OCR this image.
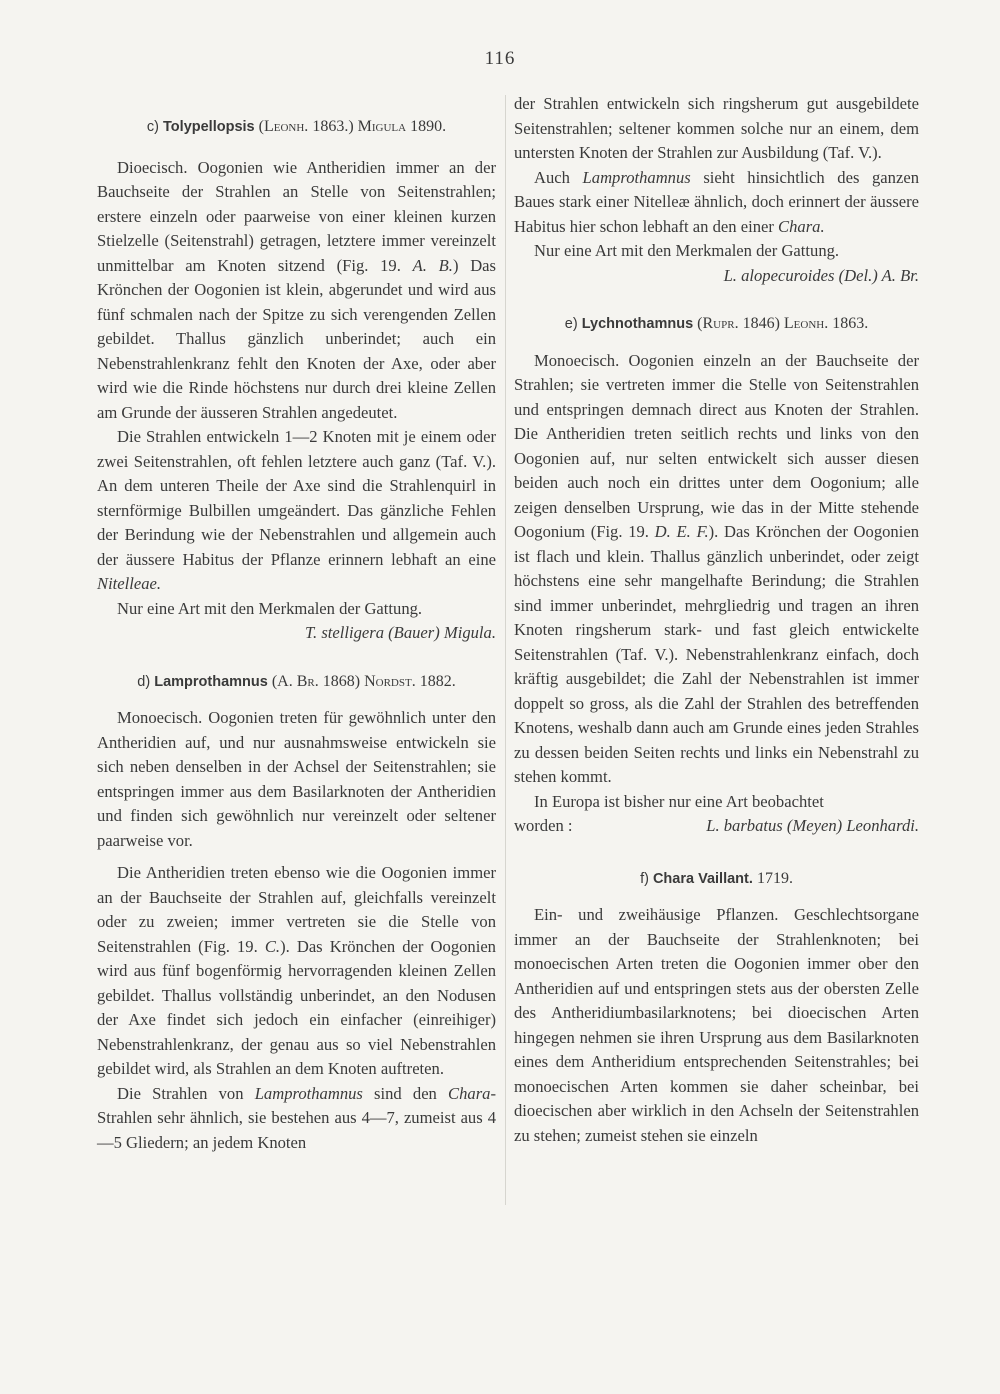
116

c) Tolypellopsis (Leonh. 1863.) Migula 1890.

Dioecisch. Oogonien wie Antheridien immer an der Bauchseite der Strahlen an Stelle von Seitenstrahlen; erstere einzeln oder paarweise von einer kleinen kurzen Stielzelle (Seitenstrahl) getragen, letztere immer vereinzelt unmittelbar am Knoten sitzend (Fig. 19. A. B.) Das Krönchen der Oogonien ist klein, abgerundet und wird aus fünf schmalen nach der Spitze zu sich verengenden Zellen gebildet. Thallus gänzlich unberindet; auch ein Nebenstrahlenkranz fehlt den Knoten der Axe, oder aber wird wie die Rinde höchstens nur durch drei kleine Zellen am Grunde der äusseren Strahlen angedeutet.

Die Strahlen entwickeln 1—2 Knoten mit je einem oder zwei Seitenstrahlen, oft fehlen letztere auch ganz (Taf. V.). An dem unteren Theile der Axe sind die Strahlenquirl in sternförmige Bulbillen umgeändert. Das gänzliche Fehlen der Berindung wie der Nebenstrahlen und allgemein auch der äussere Habitus der Pflanze erinnern lebhaft an eine Nitelleae.

Nur eine Art mit den Merkmalen der Gattung.

T. stelligera (Bauer) Migula.

d) Lamprothamnus (A. Br. 1868) Nordst. 1882.

Monoecisch. Oogonien treten für gewöhnlich unter den Antheridien auf, und nur ausnahmsweise entwickeln sie sich neben denselben in der Achsel der Seitenstrahlen; sie entspringen immer aus dem Basilarknoten der Antheridien und finden sich gewöhnlich nur vereinzelt oder seltener paarweise vor.

Die Antheridien treten ebenso wie die Oogonien immer an der Bauchseite der Strahlen auf, gleichfalls vereinzelt oder zu zweien; immer vertreten sie die Stelle von Seitenstrahlen (Fig. 19. C.). Das Krönchen der Oogonien wird aus fünf bogenförmig hervorragenden kleinen Zellen gebildet. Thallus vollständig unberindet, an den Nodusen der Axe findet sich jedoch ein einfacher (einreihiger) Nebenstrahlenkranz, der genau aus so viel Nebenstrahlen gebildet wird, als Strahlen an dem Knoten auftreten.

Die Strahlen von Lamprothamnus sind den Chara-Strahlen sehr ähnlich, sie bestehen aus 4—7, zumeist aus 4—5 Gliedern; an jedem Knoten

der Strahlen entwickeln sich ringsherum gut ausgebildete Seitenstrahlen; seltener kommen solche nur an einem, dem untersten Knoten der Strahlen zur Ausbildung (Taf. V.).

Auch Lamprothamnus sieht hinsichtlich des ganzen Baues stark einer Nitelleæ ähnlich, doch erinnert der äussere Habitus hier schon lebhaft an den einer Chara.

Nur eine Art mit den Merkmalen der Gattung.

L. alopecuroides (Del.) A. Br.

e) Lychnothamnus (Rupr. 1846) Leonh. 1863.

Monoecisch. Oogonien einzeln an der Bauchseite der Strahlen; sie vertreten immer die Stelle von Seitenstrahlen und entspringen demnach direct aus Knoten der Strahlen. Die Antheridien treten seitlich rechts und links von den Oogonien auf, nur selten entwickelt sich ausser diesen beiden auch noch ein drittes unter dem Oogonium; alle zeigen denselben Ursprung, wie das in der Mitte stehende Oogonium (Fig. 19. D. E. F.). Das Krönchen der Oogonien ist flach und klein. Thallus gänzlich unberindet, oder zeigt höchstens eine sehr mangelhafte Berindung; die Strahlen sind immer unberindet, mehrgliedrig und tragen an ihren Knoten ringsherum stark- und fast gleich entwickelte Seitenstrahlen (Taf. V.). Nebenstrahlenkranz einfach, doch kräftig ausgebildet; die Zahl der Nebenstrahlen ist immer doppelt so gross, als die Zahl der Strahlen des betreffenden Knotens, weshalb dann auch am Grunde eines jeden Strahles zu dessen beiden Seiten rechts und links ein Nebenstrahl zu stehen kommt.

In Europa ist bisher nur eine Art beobachtet

worden :	L. barbatus (Meyen) Leonhardi.

f) Chara Vaillant. 1719.

Ein- und zweihäusige Pflanzen. Geschlechtsorgane immer an der Bauchseite der Strahlenknoten; bei monoecischen Arten treten die Oogonien immer ober den Antheridien auf und entspringen stets aus der obersten Zelle des Antheridiumbasilarknotens; bei dioecischen Arten hingegen nehmen sie ihren Ursprung aus dem Basilarknoten eines dem Antheridium entsprechenden Seitenstrahles; bei monoecischen Arten kommen sie daher scheinbar, bei dioecischen aber wirklich in den Achseln der Seitenstrahlen zu stehen; zumeist stehen sie einzeln
